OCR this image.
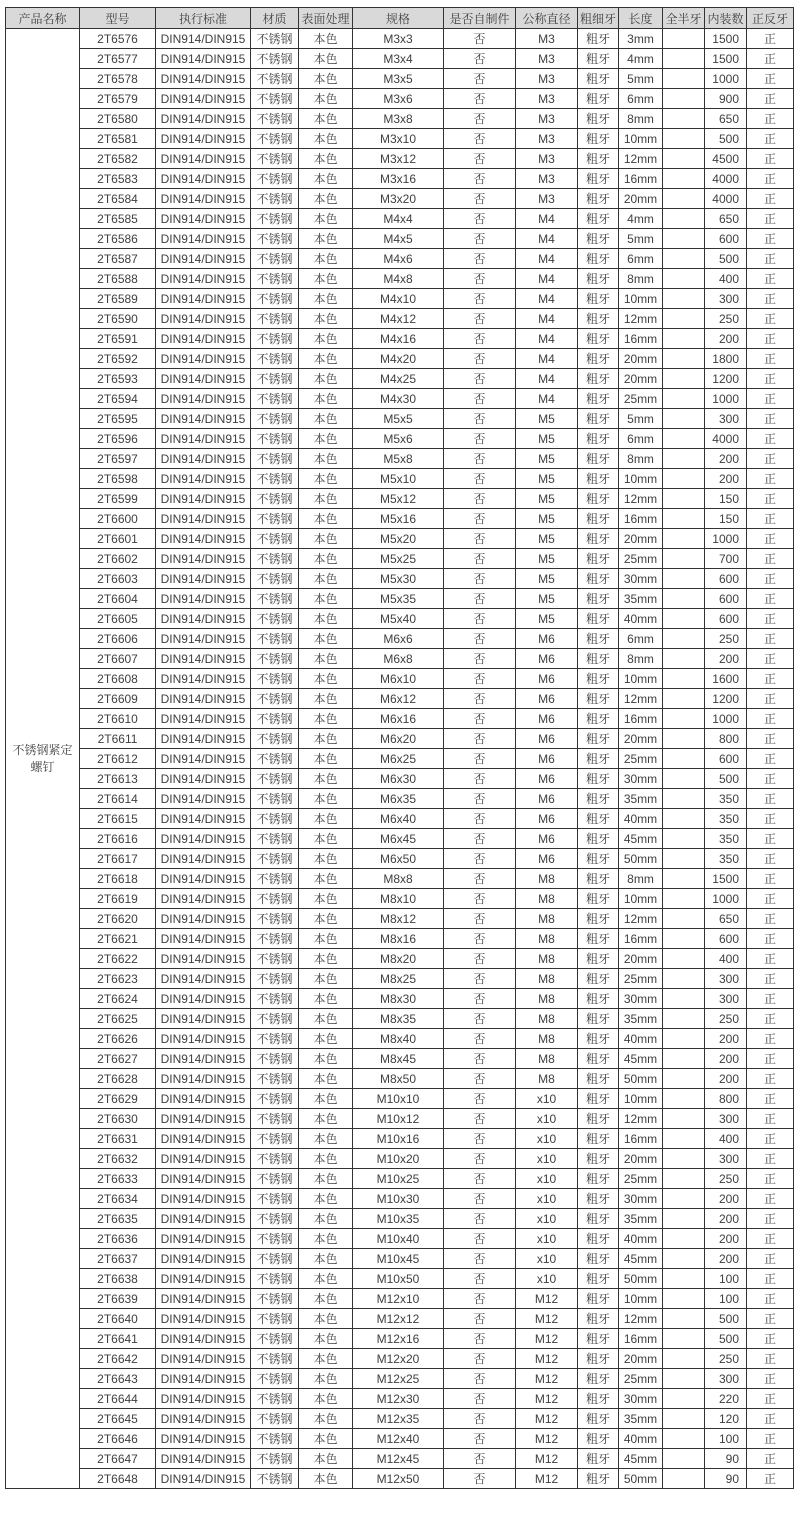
产品名称	型号	执行标准	材质	表面处理	规格	是否自制件	公称直径	粗细牙	长度	全半牙	内装数	正反牙
不锈钢紧定螺钉	2T6576	DIN914/DIN915	不锈钢	本色	M3x3	否	M3	粗牙	3mm		1500	正
	2T6577	DIN914/DIN915	不锈钢	本色	M3x4	否	M3	粗牙	4mm		1500	正
	2T6578	DIN914/DIN915	不锈钢	本色	M3x5	否	M3	粗牙	5mm		1000	正
	2T6579	DIN914/DIN915	不锈钢	本色	M3x6	否	M3	粗牙	6mm		900	正
	2T6580	DIN914/DIN915	不锈钢	本色	M3x8	否	M3	粗牙	8mm		650	正
	2T6581	DIN914/DIN915	不锈钢	本色	M3x10	否	M3	粗牙	10mm		500	正
	2T6582	DIN914/DIN915	不锈钢	本色	M3x12	否	M3	粗牙	12mm		4500	正
	2T6583	DIN914/DIN915	不锈钢	本色	M3x16	否	M3	粗牙	16mm		4000	正
	2T6584	DIN914/DIN915	不锈钢	本色	M3x20	否	M3	粗牙	20mm		4000	正
	2T6585	DIN914/DIN915	不锈钢	本色	M4x4	否	M4	粗牙	4mm		650	正
	2T6586	DIN914/DIN915	不锈钢	本色	M4x5	否	M4	粗牙	5mm		600	正
	2T6587	DIN914/DIN915	不锈钢	本色	M4x6	否	M4	粗牙	6mm		500	正
	2T6588	DIN914/DIN915	不锈钢	本色	M4x8	否	M4	粗牙	8mm		400	正
	2T6589	DIN914/DIN915	不锈钢	本色	M4x10	否	M4	粗牙	10mm		300	正
	2T6590	DIN914/DIN915	不锈钢	本色	M4x12	否	M4	粗牙	12mm		250	正
	2T6591	DIN914/DIN915	不锈钢	本色	M4x16	否	M4	粗牙	16mm		200	正
	2T6592	DIN914/DIN915	不锈钢	本色	M4x20	否	M4	粗牙	20mm		1800	正
	2T6593	DIN914/DIN915	不锈钢	本色	M4x25	否	M4	粗牙	20mm		1200	正
	2T6594	DIN914/DIN915	不锈钢	本色	M4x30	否	M4	粗牙	25mm		1000	正
	2T6595	DIN914/DIN915	不锈钢	本色	M5x5	否	M5	粗牙	5mm		300	正
	2T6596	DIN914/DIN915	不锈钢	本色	M5x6	否	M5	粗牙	6mm		4000	正
	2T6597	DIN914/DIN915	不锈钢	本色	M5x8	否	M5	粗牙	8mm		200	正
	2T6598	DIN914/DIN915	不锈钢	本色	M5x10	否	M5	粗牙	10mm		200	正
	2T6599	DIN914/DIN915	不锈钢	本色	M5x12	否	M5	粗牙	12mm		150	正
	2T6600	DIN914/DIN915	不锈钢	本色	M5x16	否	M5	粗牙	16mm		150	正
	2T6601	DIN914/DIN915	不锈钢	本色	M5x20	否	M5	粗牙	20mm		1000	正
	2T6602	DIN914/DIN915	不锈钢	本色	M5x25	否	M5	粗牙	25mm		700	正
	2T6603	DIN914/DIN915	不锈钢	本色	M5x30	否	M5	粗牙	30mm		600	正
	2T6604	DIN914/DIN915	不锈钢	本色	M5x35	否	M5	粗牙	35mm		600	正
	2T6605	DIN914/DIN915	不锈钢	本色	M5x40	否	M5	粗牙	40mm		600	正
	2T6606	DIN914/DIN915	不锈钢	本色	M6x6	否	M6	粗牙	6mm		250	正
	2T6607	DIN914/DIN915	不锈钢	本色	M6x8	否	M6	粗牙	8mm		200	正
	2T6608	DIN914/DIN915	不锈钢	本色	M6x10	否	M6	粗牙	10mm		1600	正
	2T6609	DIN914/DIN915	不锈钢	本色	M6x12	否	M6	粗牙	12mm		1200	正
	2T6610	DIN914/DIN915	不锈钢	本色	M6x16	否	M6	粗牙	16mm		1000	正
	2T6611	DIN914/DIN915	不锈钢	本色	M6x20	否	M6	粗牙	20mm		800	正
	2T6612	DIN914/DIN915	不锈钢	本色	M6x25	否	M6	粗牙	25mm		600	正
	2T6613	DIN914/DIN915	不锈钢	本色	M6x30	否	M6	粗牙	30mm		500	正
	2T6614	DIN914/DIN915	不锈钢	本色	M6x35	否	M6	粗牙	35mm		350	正
	2T6615	DIN914/DIN915	不锈钢	本色	M6x40	否	M6	粗牙	40mm		350	正
	2T6616	DIN914/DIN915	不锈钢	本色	M6x45	否	M6	粗牙	45mm		350	正
	2T6617	DIN914/DIN915	不锈钢	本色	M6x50	否	M6	粗牙	50mm		350	正
	2T6618	DIN914/DIN915	不锈钢	本色	M8x8	否	M8	粗牙	8mm		1500	正
	2T6619	DIN914/DIN915	不锈钢	本色	M8x10	否	M8	粗牙	10mm		1000	正
	2T6620	DIN914/DIN915	不锈钢	本色	M8x12	否	M8	粗牙	12mm		650	正
	2T6621	DIN914/DIN915	不锈钢	本色	M8x16	否	M8	粗牙	16mm		600	正
	2T6622	DIN914/DIN915	不锈钢	本色	M8x20	否	M8	粗牙	20mm		400	正
	2T6623	DIN914/DIN915	不锈钢	本色	M8x25	否	M8	粗牙	25mm		300	正
	2T6624	DIN914/DIN915	不锈钢	本色	M8x30	否	M8	粗牙	30mm		300	正
	2T6625	DIN914/DIN915	不锈钢	本色	M8x35	否	M8	粗牙	35mm		250	正
	2T6626	DIN914/DIN915	不锈钢	本色	M8x40	否	M8	粗牙	40mm		200	正
	2T6627	DIN914/DIN915	不锈钢	本色	M8x45	否	M8	粗牙	45mm		200	正
	2T6628	DIN914/DIN915	不锈钢	本色	M8x50	否	M8	粗牙	50mm		200	正
	2T6629	DIN914/DIN915	不锈钢	本色	M10x10	否	x10	粗牙	10mm		800	正
	2T6630	DIN914/DIN915	不锈钢	本色	M10x12	否	x10	粗牙	12mm		300	正
	2T6631	DIN914/DIN915	不锈钢	本色	M10x16	否	x10	粗牙	16mm		400	正
	2T6632	DIN914/DIN915	不锈钢	本色	M10x20	否	x10	粗牙	20mm		300	正
	2T6633	DIN914/DIN915	不锈钢	本色	M10x25	否	x10	粗牙	25mm		250	正
	2T6634	DIN914/DIN915	不锈钢	本色	M10x30	否	x10	粗牙	30mm		200	正
	2T6635	DIN914/DIN915	不锈钢	本色	M10x35	否	x10	粗牙	35mm		200	正
	2T6636	DIN914/DIN915	不锈钢	本色	M10x40	否	x10	粗牙	40mm		200	正
	2T6637	DIN914/DIN915	不锈钢	本色	M10x45	否	x10	粗牙	45mm		200	正
	2T6638	DIN914/DIN915	不锈钢	本色	M10x50	否	x10	粗牙	50mm		100	正
	2T6639	DIN914/DIN915	不锈钢	本色	M12x10	否	M12	粗牙	10mm		100	正
	2T6640	DIN914/DIN915	不锈钢	本色	M12x12	否	M12	粗牙	12mm		500	正
	2T6641	DIN914/DIN915	不锈钢	本色	M12x16	否	M12	粗牙	16mm		500	正
	2T6642	DIN914/DIN915	不锈钢	本色	M12x20	否	M12	粗牙	20mm		250	正
	2T6643	DIN914/DIN915	不锈钢	本色	M12x25	否	M12	粗牙	25mm		300	正
	2T6644	DIN914/DIN915	不锈钢	本色	M12x30	否	M12	粗牙	30mm		220	正
	2T6645	DIN914/DIN915	不锈钢	本色	M12x35	否	M12	粗牙	35mm		120	正
	2T6646	DIN914/DIN915	不锈钢	本色	M12x40	否	M12	粗牙	40mm		100	正
	2T6647	DIN914/DIN915	不锈钢	本色	M12x45	否	M12	粗牙	45mm		90	正
	2T6648	DIN914/DIN915	不锈钢	本色	M12x50	否	M12	粗牙	50mm		90	正
